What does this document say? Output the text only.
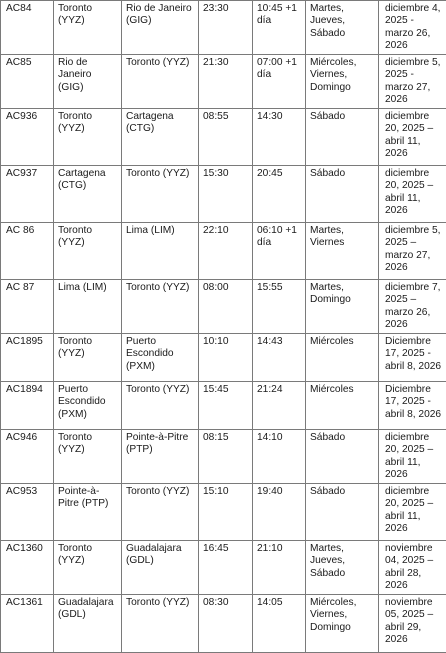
AC84	Toronto (YYZ)	Rio de Janeiro (GIG)	23:30	10:45 +1 día	Martes, Jueves, Sábado	diciembre 4, 2025 - marzo 26, 2026
AC85	Rio de Janeiro (GIG)	Toronto (YYZ)	21:30	07:00 +1 día	Miércoles, Viernes, Domingo	diciembre 5, 2025 - marzo 27, 2026
AC936	Toronto (YYZ)	Cartagena (CTG)	08:55	14:30	Sábado	diciembre 20, 2025 – abril 11, 2026
AC937	Cartagena (CTG)	Toronto (YYZ)	15:30	20:45	Sábado	diciembre 20, 2025 – abril 11, 2026
AC 86	Toronto (YYZ)	Lima (LIM)	22:10	06:10 +1 día	Martes, Viernes	diciembre 5, 2025 – marzo 27, 2026
AC 87	Lima (LIM)	Toronto (YYZ)	08:00	15:55	Martes, Domingo	diciembre 7, 2025 – marzo 26, 2026
AC1895	Toronto (YYZ)	Puerto Escondido (PXM)	10:10	14:43	Miércoles	Diciembre 17, 2025 - abril 8, 2026
AC1894	Puerto Escondido (PXM)	Toronto (YYZ)	15:45	21:24	Miércoles	Diciembre 17, 2025 - abril 8, 2026
AC946	Toronto (YYZ)	Pointe-à-Pitre (PTP)	08:15	14:10	Sábado	diciembre 20, 2025 – abril 11, 2026
AC953	Pointe-à-Pitre (PTP)	Toronto (YYZ)	15:10	19:40	Sábado	diciembre 20, 2025 – abril 11, 2026
AC1360	Toronto (YYZ)	Guadalajara (GDL)	16:45	21:10	Martes, Jueves, Sábado	noviembre 04, 2025 – abril 28, 2026
AC1361	Guadalajara (GDL)	Toronto (YYZ)	08:30	14:05	Miércoles, Viernes, Domingo	noviembre 05, 2025 – abril 29, 2026
